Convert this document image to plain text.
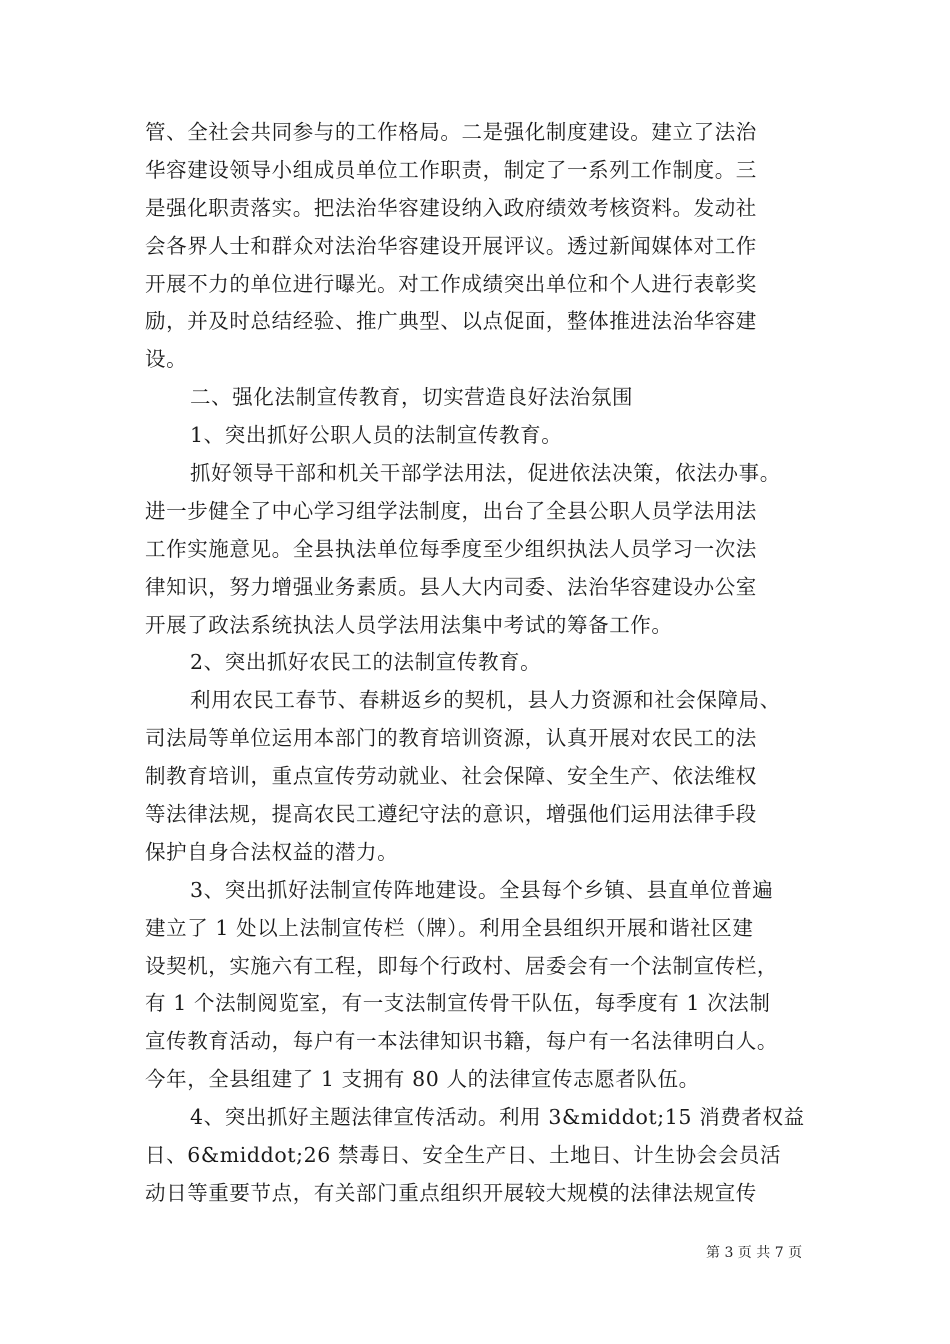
管、全社会共同参与的工作格局。二是强化制度建设。建立了法治
华容建设领导小组成员单位工作职责，制定了一系列工作制度。三
是强化职责落实。把法治华容建设纳入政府绩效考核资料。发动社
会各界人士和群众对法治华容建设开展评议。透过新闻媒体对工作
开展不力的单位进行曝光。对工作成绩突出单位和个人进行表彰奖
励，并及时总结经验、推广典型、以点促面，整体推进法治华容建
设。
二、强化法制宣传教育，切实营造良好法治氛围
1、突出抓好公职人员的法制宣传教育。
抓好领导干部和机关干部学法用法，促进依法决策，依法办事。
进一步健全了中心学习组学法制度，出台了全县公职人员学法用法
工作实施意见。全县执法单位每季度至少组织执法人员学习一次法
律知识，努力增强业务素质。县人大内司委、法治华容建设办公室
开展了政法系统执法人员学法用法集中考试的筹备工作。
2、突出抓好农民工的法制宣传教育。
利用农民工春节、春耕返乡的契机，县人力资源和社会保障局、
司法局等单位运用本部门的教育培训资源，认真开展对农民工的法
制教育培训，重点宣传劳动就业、社会保障、安全生产、依法维权
等法律法规，提高农民工遵纪守法的意识，增强他们运用法律手段
保护自身合法权益的潜力。
3、突出抓好法制宣传阵地建设。全县每个乡镇、县直单位普遍
建立了 1 处以上法制宣传栏（牌）。利用全县组织开展和谐社区建
设契机，实施六有工程，即每个行政村、居委会有一个法制宣传栏，
有 1 个法制阅览室，有一支法制宣传骨干队伍，每季度有 1 次法制
宣传教育活动，每户有一本法律知识书籍，每户有一名法律明白人。
今年，全县组建了 1 支拥有 80 人的法律宣传志愿者队伍。
4、突出抓好主题法律宣传活动。利用 3&middot;15 消费者权益
日、6&middot;26 禁毒日、安全生产日、土地日、计生协会会员活
动日等重要节点，有关部门重点组织开展较大规模的法律法规宣传
第 3 页 共 7 页
